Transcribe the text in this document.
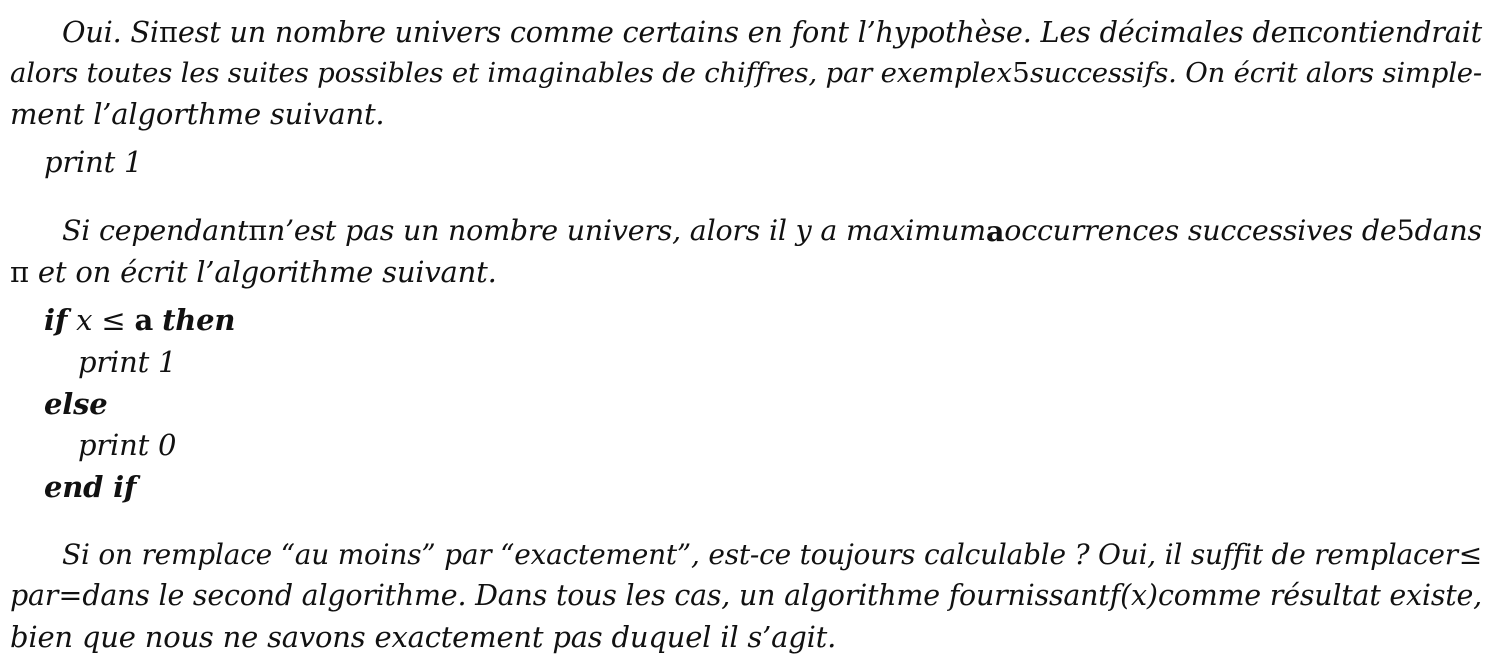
Oui. Si π est un nombre univers comme certains en font l’hypothèse. Les décimales de π contiendrait
alors toutes les suites possibles et imaginables de chiffres, par exemple x 5 successifs. On écrit alors simple-
ment l’algorthme suivant.
print 1
Si cependant π n’est pas un nombre univers, alors il y a maximum a occurrences successives de 5 dans
π et on écrit l’algorithme suivant.
if x ≤ a then
print 1
else
print 0
end if
Si on remplace “au moins” par “exactement”, est-ce toujours calculable ? Oui, il suffit de remplacer ≤
par = dans le second algorithme. Dans tous les cas, un algorithme fournissant f(x) comme résultat existe,
bien que nous ne savons exactement pas duquel il s’agit.
